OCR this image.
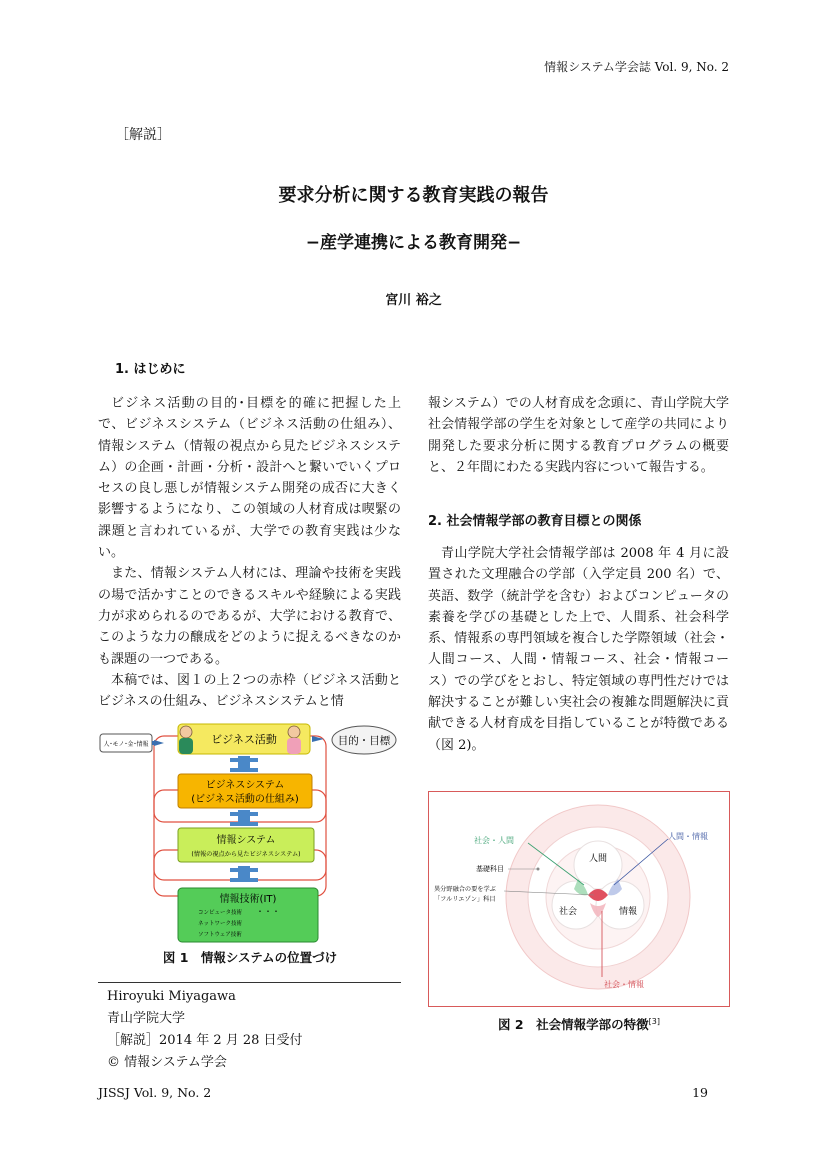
情報システム学会誌 Vol. 9, No. 2
［解説］
要求分析に関する教育実践の報告
−産学連携による教育開発−
宮川 裕之
1. はじめに

ビジネス活動の目的･目標を的確に把握した上で、ビジネスシステム（ビジネス活動の仕組み）、情報システム（情報の視点から見たビジネスシステム）の企画・計画・分析・設計へと繋いでいくプロセスの良し悪しが情報システム開発の成否に大きく影響するようになり、この領域の人材育成は喫緊の課題と言われているが、大学での教育実践は少ない。

また、情報システム人材には、理論や技術を実践の場で活かすことのできるスキルや経験による実践力が求められるのであるが、大学における教育で、このような力の醸成をどのように捉えるべきなのかも課題の一つである。

本稿では、図１の上２つの赤枠（ビジネス活動とビジネスの仕組み、ビジネスシステムと情

人･モノ･金･情報	ビジネス活動	目的・目標
ビジネスシステム
(ビジネス活動の仕組み)
情報システム
(情報の視点から見たビジネスシステム)
情報技術(IT)
コンピュータ技術 ・・・
ネットワーク技術
ソフトウェア技術
図 1　情報システムの位置づけ
Hiroyuki Miyagawa
青山学院大学
［解説］2014 年 2 月 28 日受付
© 情報システム学会

報システム）での人材育成を念頭に、青山学院大学社会情報学部の学生を対象として産学の共同により開発した要求分析に関する教育プログラムの概要と、２年間にわたる実践内容について報告する。

2. 社会情報学部の教育目標との関係

青山学院大学社会情報学部は 2008 年 4 月に設置された文理融合の学部（入学定員 200 名）で、英語、数学（統計学を含む）およびコンピュータの素養を学びの基礎とした上で、人間系、社会科学系、情報系の専門領域を複合した学際領域（社会・人間コース、人間・情報コース、社会・情報コース）での学びをとおし、特定領域の専門性だけでは解決することが難しい実社会の複雑な問題解決に貢献できる人材育成を目指していることが特徴である（図 2)。

人間
社会	情報
社会・人間	人間・情報
基礎科目
異分野融合の要を学ぶ
「フルリエゾン」科目
社会・情報
図 2　社会情報学部の特徴[3]
JISSJ Vol. 9, No. 2	19
